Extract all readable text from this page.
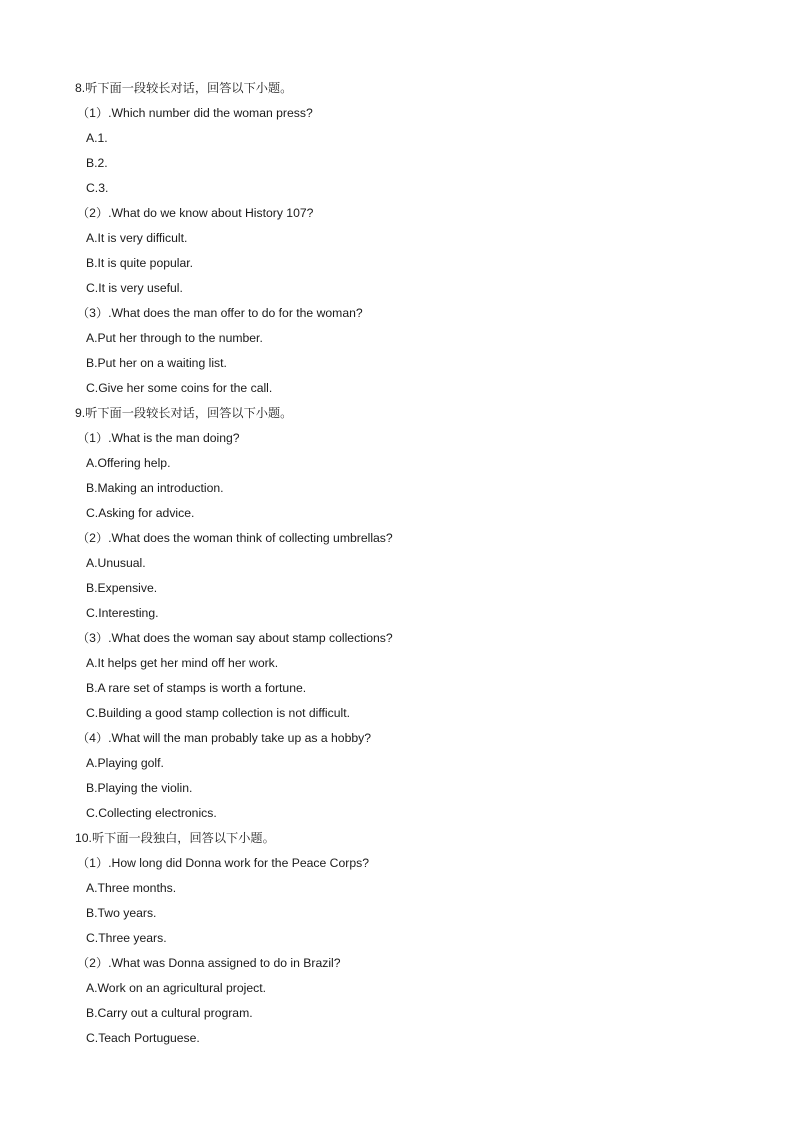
8.听下面一段较长对话，回答以下小题。
（1）.Which number did the woman press?
A.1.
B.2.
C.3.
（2）.What do we know about History 107?
A.It is very difficult.
B.It is quite popular.
C.It is very useful.
（3）.What does the man offer to do for the woman?
A.Put her through to the number.
B.Put her on a waiting list.
C.Give her some coins for the call.
9.听下面一段较长对话，回答以下小题。
（1）.What is the man doing?
A.Offering help.
B.Making an introduction.
C.Asking for advice.
（2）.What does the woman think of collecting umbrellas?
A.Unusual.
B.Expensive.
C.Interesting.
（3）.What does the woman say about stamp collections?
A.It helps get her mind off her work.
B.A rare set of stamps is worth a fortune.
C.Building a good stamp collection is not difficult.
（4）.What will the man probably take up as a hobby?
A.Playing golf.
B.Playing the violin.
C.Collecting electronics.
10.听下面一段独白，回答以下小题。
（1）.How long did Donna work for the Peace Corps?
A.Three months.
B.Two years.
C.Three years.
（2）.What was Donna assigned to do in Brazil?
A.Work on an agricultural project.
B.Carry out a cultural program.
C.Teach Portuguese.
